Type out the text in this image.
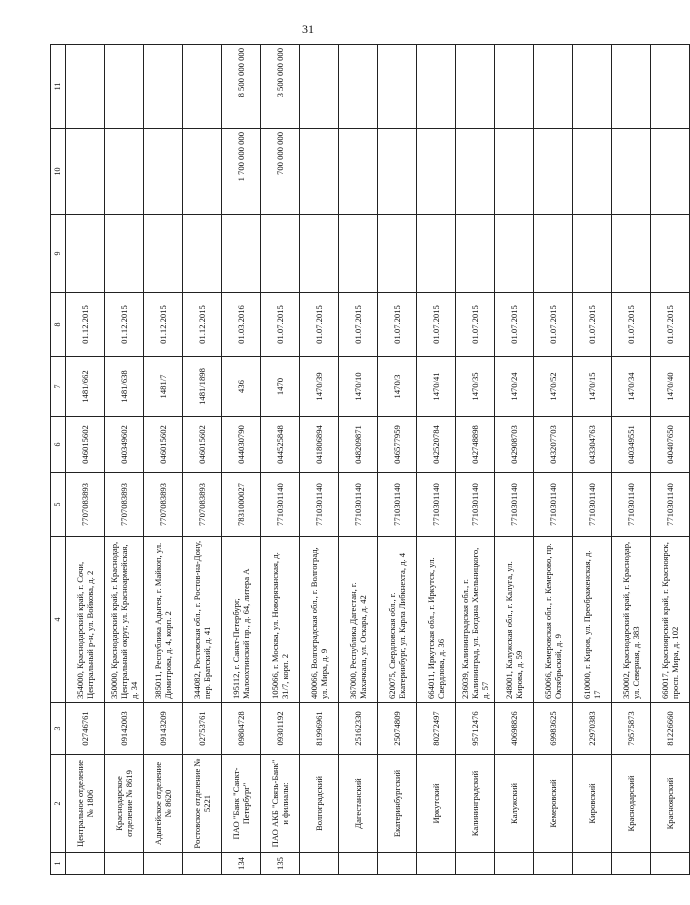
31
1	2	3	4	5	6	7	8	9	10	11
	Центральное отделение № 1806	02746761	354000, Краснодарский край, г. Сочи, Центральный р-н, ул. Войкова, д. 2	7707083893	046015602	1481/662	01.12.2015			
	Краснодарское отделение № 8619	09142003	350000, Краснодарский край, г. Краснодар, Центральный округ, ул. Красноармейская, д. 34	7707083893	040349602	1481/638	01.12.2015			
	Адыгейское отделение № 8620	09143209	385011, Республика Адыгея, г. Майкоп, ул. Димитрова, д. 4, корп. 2	7707083893	046015602	1481/7	01.12.2015			
	Ростовское отделение № 5221	02753761	344082, Ростовская обл., г. Ростов-на-Дону, пер. Братский, д. 41	7707083893	046015602	1481/1898	01.12.2015			
134	ПАО "Банк "Санкт-Петербург"	09804728	195112, г. Санкт-Петербург, Малоохтинский пр., д. 64, литера А	7831000027	044030790	436	01.03.2016		1 700 000 000	8 500 000 000
135	ПАО АКБ "Связь-Банк" и филиалы:	09301192	105066, г. Москва, ул. Новорязанская, д. 31/7, корп. 2	7710301140	044525848	1470	01.07.2015		700 000 000	3 500 000 000
	Волгоградский	81996961	400066, Волгоградская обл., г. Волгоград, ул. Мира, д. 9	7710301140	041806894	1470/39	01.07.2015			
	Дагестанский	25162330	367000, Республика Дагестан, г. Махачкала, ул. Оскара, д. 42	7710301140	048209871	1470/10	01.07.2015			
	Екатеринбургский	25074809	620075, Свердловская обл., г. Екатеринбург, ул. Карла Либкнехта, д. 4	7710301140	046577959	1470/3	01.07.2015			
	Иркутский	80272497	664011, Иркутская обл., г. Иркутск, ул. Свердлова, д. 36	7710301140	042520784	1470/41	01.07.2015			
	Калининградский	95712476	236039, Калининградская обл., г. Калининград, ул. Богдана Хмельницкого, д. 57	7710301140	042748898	1470/35	01.07.2015			
	Калужский	40698826	248001, Калужская обл., г. Калуга, ул. Кирова, д. 59	7710301140	042908703	1470/24	01.07.2015			
	Кемеровский	69983625	650066, Кемеровская обл., г. Кемерово, пр. Октябрьский, д. 9	7710301140	043207703	1470/52	01.07.2015			
	Кировский	22970383	610000, г. Киров, ул. Преображенская, д. 17	7710301140	043304763	1470/15	01.07.2015			
	Краснодарский	79575873	350002, Краснодарский край, г. Краснодар, ул. Северная, д. 383	7710301140	040349551	1470/34	01.07.2015			
	Красноярский	81226660	660017, Красноярский край, г. Красноярск, просп. Мира, д. 102	7710301140	040407650	1470/40	01.07.2015			
